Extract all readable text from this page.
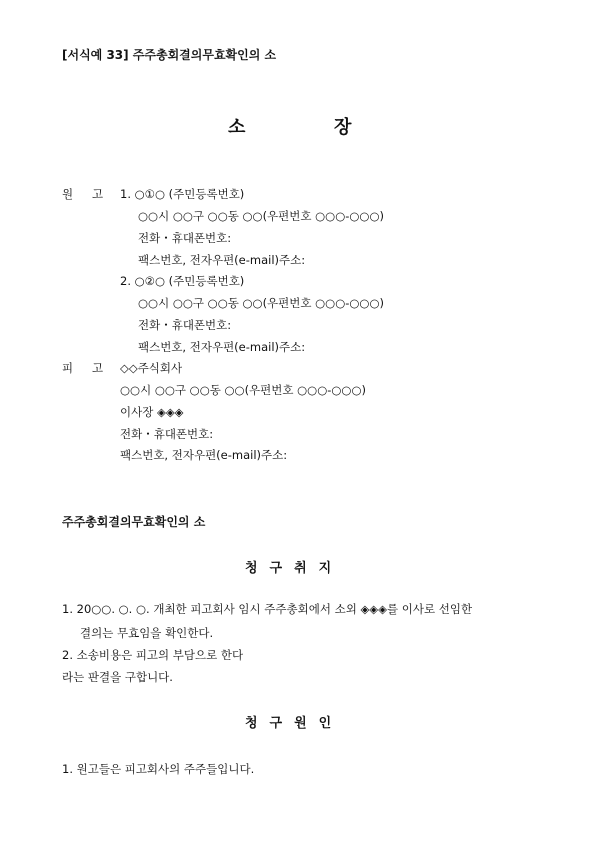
[서식예 33] 주주총회결의무효확인의 소
소	장
원 고 1. ○①○ (주민등록번호)
○○시 ○○구 ○○동 ○○(우편번호 ○○○-○○○)
전화・휴대폰번호:
팩스번호, 전자우편(e-mail)주소:
2. ○②○ (주민등록번호)
○○시 ○○구 ○○동 ○○(우편번호 ○○○-○○○)
전화・휴대폰번호:
팩스번호, 전자우편(e-mail)주소:
피 고 ◇◇주식회사
○○시 ○○구 ○○동 ○○(우편번호 ○○○-○○○)
이사장 ◈◈◈
전화・휴대폰번호:
팩스번호, 전자우편(e-mail)주소:
주주총회결의무효확인의 소
청구취지
1. 20○○. ○. ○. 개최한 피고회사 임시 주주총회에서 소외 ◈◈◈를 이사로 선임한
결의는 무효임을 확인한다.
2. 소송비용은 피고의 부담으로 한다
라는 판결을 구합니다.
청구원인
1. 원고들은 피고회사의 주주들입니다.
